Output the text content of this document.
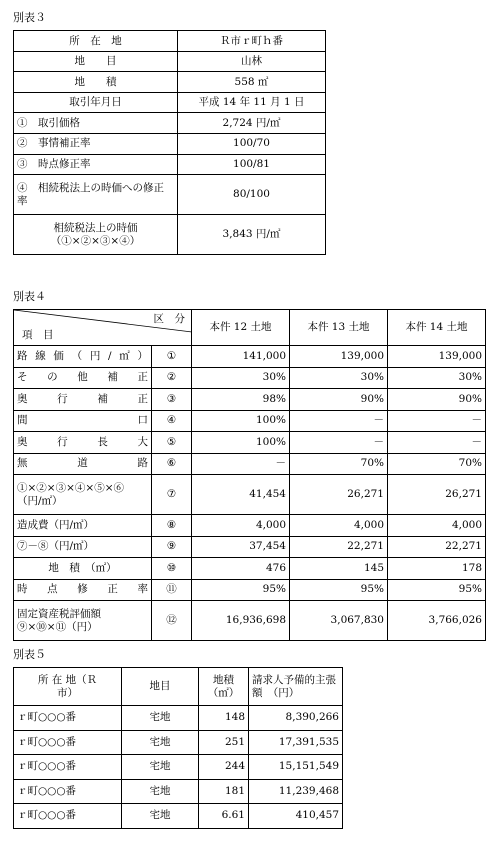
別表３
所　在　地	Ｒ市ｒ町ｈ番
地　　目	山林
地　　積	558 ㎡
取引年月日	平成 14 年 11 月 1 日
①　取引価格	2,724 円/㎡
②　事情補正率	100/70
③　時点修正率	100/81
④　相続税法上の時価への修正率	80/100
相続税法上の時価（①×②×③×④）	3,843 円/㎡
別表４
区　分
項　目		本件 12 土地	本件 13 土地	本件 14 土地
路線価（円/㎡）	①	141,000	139,000	139,000
その他補正	②	30%	30%	30%
奥行補正	③	98%	90%	90%
間口	④	100%	－	－
奥行長大	⑤	100%	－	－
無道路	⑥	－	70%	70%
①×②×③×④×⑤×⑥（円/㎡）	⑦	41,454	26,271	26,271
造成費（円/㎡）	⑧	4,000	4,000	4,000
⑦－⑧（円/㎡）	⑨	37,454	22,271	22,271
地　積　（㎡）	⑩	476	145	178
時点修正率	⑪	95%	95%	95%
固定資産税評価額⑨×⑩×⑪（円）	⑫	16,936,698	3,067,830	3,766,026
別表５
所 在 地（Ｒ市）	地目	地積（㎡）	請求人予備的主張額　（円）
ｒ町○○○番	宅地	148	8,390,266
ｒ町○○○番	宅地	251	17,391,535
ｒ町○○○番	宅地	244	15,151,549
ｒ町○○○番	宅地	181	11,239,468
ｒ町○○○番	宅地	6.61	410,457
